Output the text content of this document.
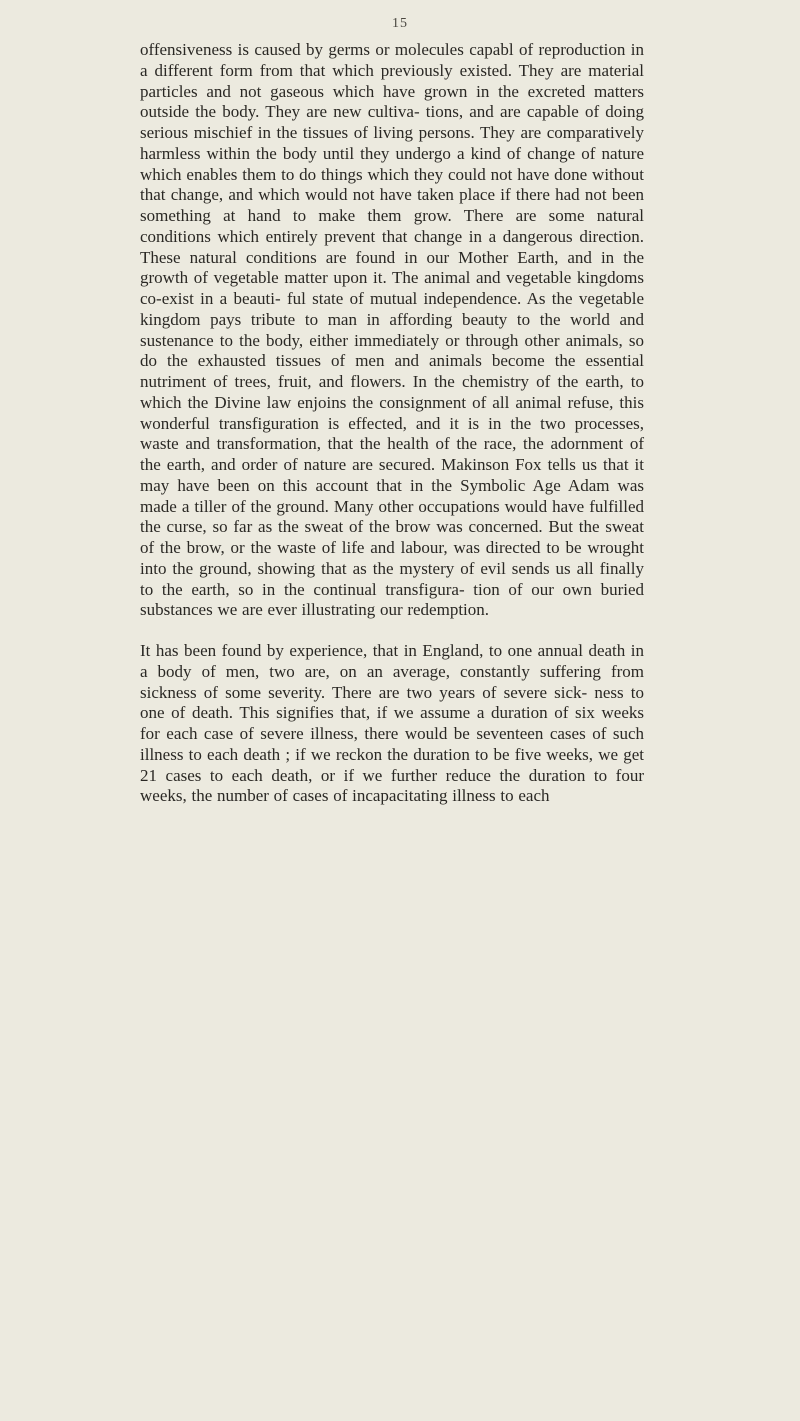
15

offensiveness is caused by germs or molecules capabl of reproduction in a different form from that which previously existed. They are material particles and not gaseous which have grown in the excreted matters outside the body. They are new cultiva- tions, and are capable of doing serious mischief in the tissues of living persons. They are comparatively harmless within the body until they undergo a kind of change of nature which enables them to do things which they could not have done without that change, and which would not have taken place if there had not been something at hand to make them grow. There are some natural conditions which entirely prevent that change in a dangerous direction. These natural conditions are found in our Mother Earth, and in the growth of vegetable matter upon it. The animal and vegetable kingdoms co-exist in a beauti- ful state of mutual independence. As the vegetable kingdom pays tribute to man in affording beauty to the world and sustenance to the body, either immediately or through other animals, so do the exhausted tissues of men and animals become the essential nutriment of trees, fruit, and flowers. In the chemistry of the earth, to which the Divine law enjoins the consignment of all animal refuse, this wonderful transfiguration is effected, and it is in the two processes, waste and transformation, that the health of the race, the adornment of the earth, and order of nature are secured. Makinson Fox tells us that it may have been on this account that in the Symbolic Age Adam was made a tiller of the ground. Many other occupations would have fulfilled the curse, so far as the sweat of the brow was concerned. But the sweat of the brow, or the waste of life and labour, was directed to be wrought into the ground, showing that as the mystery of evil sends us all finally to the earth, so in the continual transfigura- tion of our own buried substances we are ever illustrating our redemption.

It has been found by experience, that in England, to one annual death in a body of men, two are, on an average, constantly suffering from sickness of some severity. There are two years of severe sick- ness to one of death. This signifies that, if we assume a duration of six weeks for each case of severe illness, there would be seventeen cases of such illness to each death ; if we reckon the duration to be five weeks, we get 21 cases to each death, or if we further reduce the duration to four weeks, the number of cases of incapacitating illness to each
